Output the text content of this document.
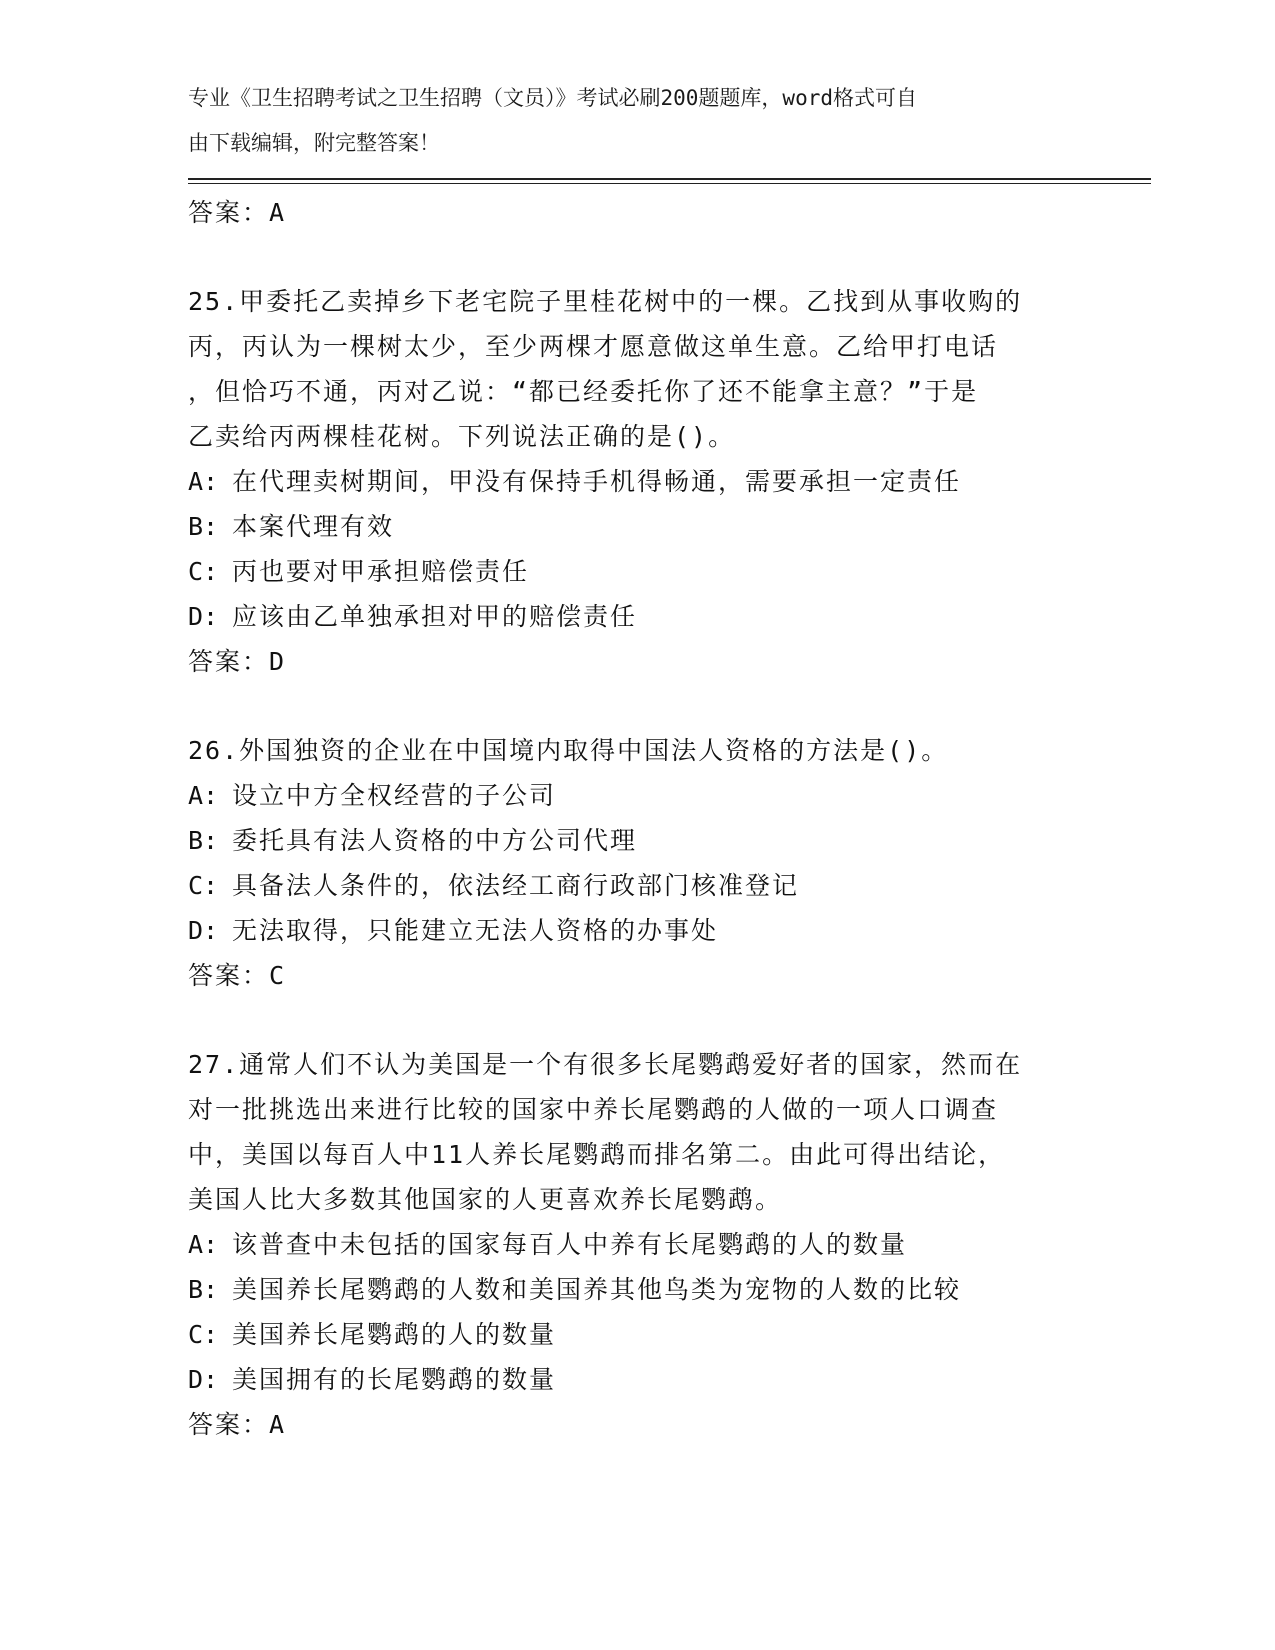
专业《卫生招聘考试之卫生招聘（文员）》考试必刷200题题库，word格式可自
由下载编辑，附完整答案！
答案：A
25.甲委托乙卖掉乡下老宅院子里桂花树中的一棵。乙找到从事收购的
丙，丙认为一棵树太少，至少两棵才愿意做这单生意。乙给甲打电话
，但恰巧不通，丙对乙说：“都已经委托你了还不能拿主意？”于是
乙卖给丙两棵桂花树。下列说法正确的是()。
A: 在代理卖树期间，甲没有保持手机得畅通，需要承担一定责任
B: 本案代理有效
C: 丙也要对甲承担赔偿责任
D: 应该由乙单独承担对甲的赔偿责任
答案：D
26.外国独资的企业在中国境内取得中国法人资格的方法是()。
A: 设立中方全权经营的子公司
B: 委托具有法人资格的中方公司代理
C: 具备法人条件的，依法经工商行政部门核准登记
D: 无法取得，只能建立无法人资格的办事处
答案：C
27.通常人们不认为美国是一个有很多长尾鹦鹉爱好者的国家，然而在
对一批挑选出来进行比较的国家中养长尾鹦鹉的人做的一项人口调查
中，美国以每百人中11人养长尾鹦鹉而排名第二。由此可得出结论，
美国人比大多数其他国家的人更喜欢养长尾鹦鹉。
A: 该普查中未包括的国家每百人中养有长尾鹦鹉的人的数量
B: 美国养长尾鹦鹉的人数和美国养其他鸟类为宠物的人数的比较
C: 美国养长尾鹦鹉的人的数量
D: 美国拥有的长尾鹦鹉的数量
答案：A
